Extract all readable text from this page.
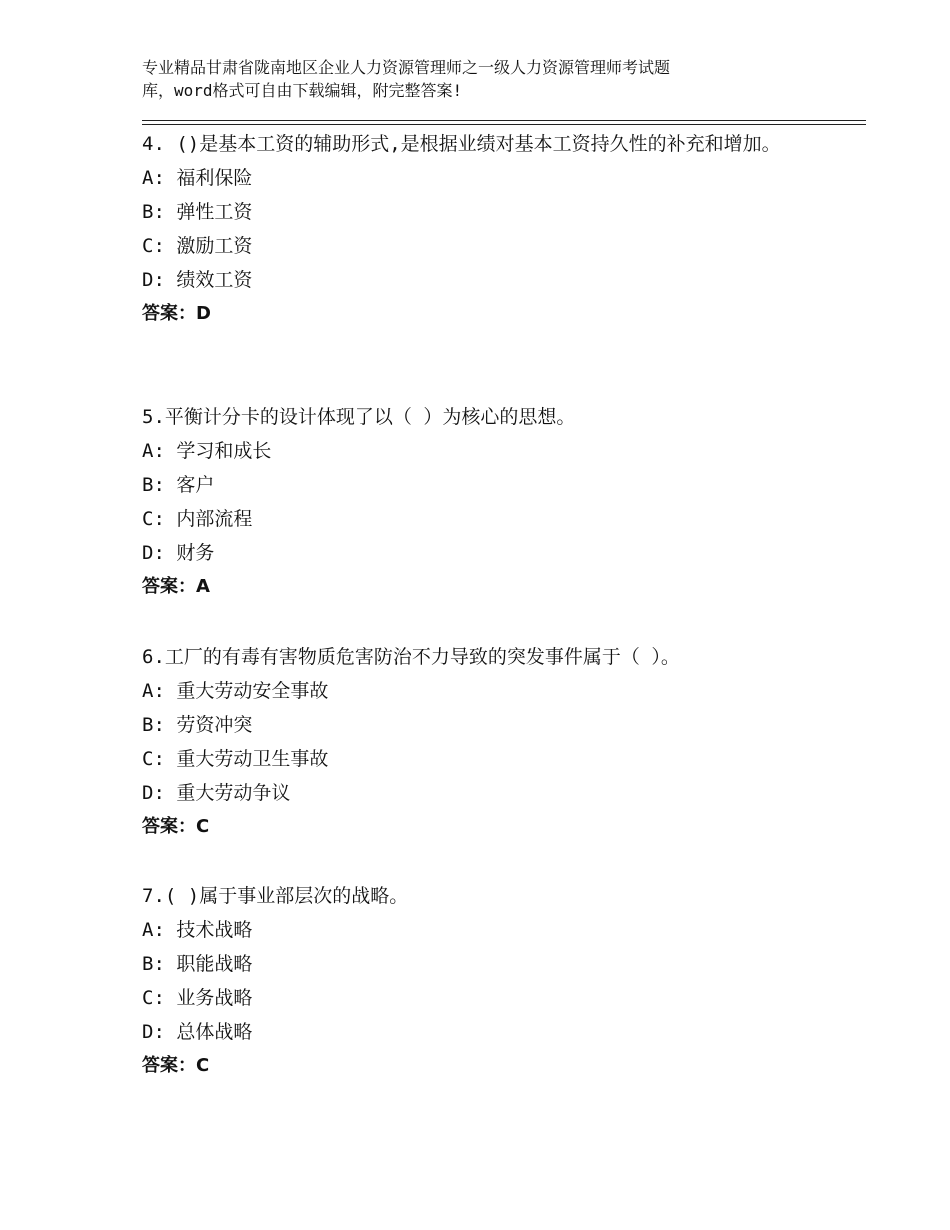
专业精品甘肃省陇南地区企业人力资源管理师之一级人力资源管理师考试题
库，word格式可自由下载编辑，附完整答案!
4. ()是基本工资的辅助形式,是根据业绩对基本工资持久性的补充和增加。
A: 福利保险
B: 弹性工资
C: 激励工资
D: 绩效工资
答案：D
5.平衡计分卡的设计体现了以（ ）为核心的思想。
A: 学习和成长
B: 客户
C: 内部流程
D: 财务
答案：A
6.工厂的有毒有害物质危害防治不力导致的突发事件属于（ ）。
A: 重大劳动安全事故
B: 劳资冲突
C: 重大劳动卫生事故
D: 重大劳动争议
答案：C
7.( )属于事业部层次的战略。
A: 技术战略
B: 职能战略
C: 业务战略
D: 总体战略
答案：C
